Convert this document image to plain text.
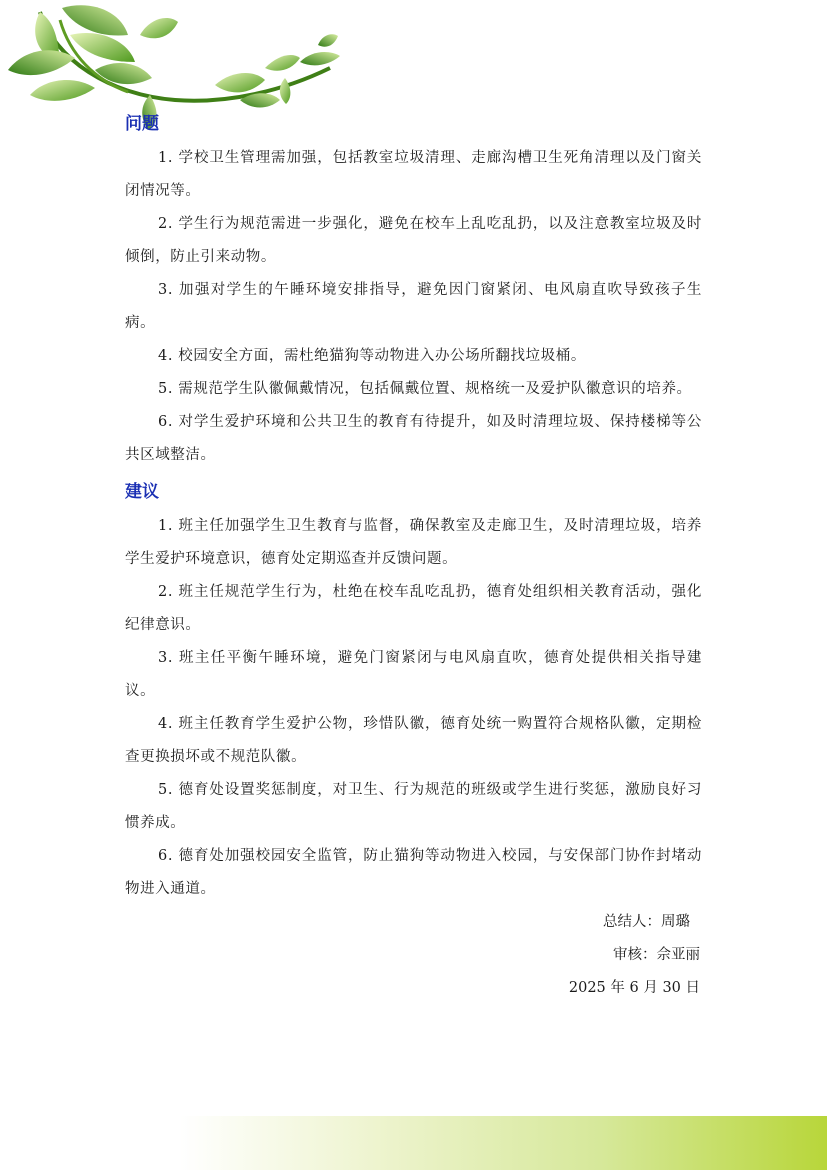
问题

1. 学校卫生管理需加强，包括教室垃圾清理、走廊沟槽卫生死角清理以及门窗关闭情况等。

2. 学生行为规范需进一步强化，避免在校车上乱吃乱扔，以及注意教室垃圾及时倾倒，防止引来动物。

3. 加强对学生的午睡环境安排指导，避免因门窗紧闭、电风扇直吹导致孩子生病。

4. 校园安全方面，需杜绝猫狗等动物进入办公场所翻找垃圾桶。

5. 需规范学生队徽佩戴情况，包括佩戴位置、规格统一及爱护队徽意识的培养。

6. 对学生爱护环境和公共卫生的教育有待提升，如及时清理垃圾、保持楼梯等公共区域整洁。

建议

1. 班主任加强学生卫生教育与监督，确保教室及走廊卫生，及时清理垃圾，培养学生爱护环境意识，德育处定期巡查并反馈问题。

2. 班主任规范学生行为，杜绝在校车乱吃乱扔，德育处组织相关教育活动，强化纪律意识。

3. 班主任平衡午睡环境，避免门窗紧闭与电风扇直吹，德育处提供相关指导建议。

4. 班主任教育学生爱护公物，珍惜队徽，德育处统一购置符合规格队徽，定期检查更换损坏或不规范队徽。

5. 德育处设置奖惩制度，对卫生、行为规范的班级或学生进行奖惩，激励良好习惯养成。

6. 德育处加强校园安全监管，防止猫狗等动物进入校园，与安保部门协作封堵动物进入通道。

总结人：周璐

审核：佘亚丽

2025 年 6 月 30 日
